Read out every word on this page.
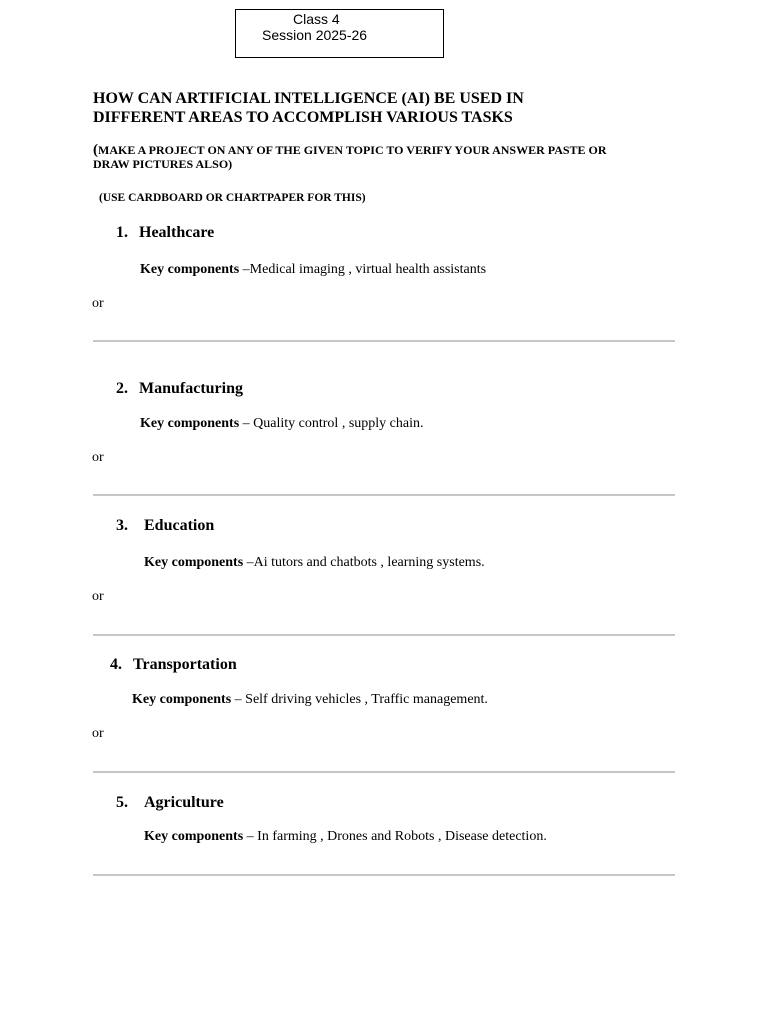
Class 4
Session 2025-26
HOW CAN ARTIFICIAL INTELLIGENCE (AI) BE USED IN
DIFFERENT AREAS TO ACCOMPLISH VARIOUS TASKS
(MAKE A PROJECT ON ANY OF THE GIVEN TOPIC TO VERIFY YOUR ANSWER PASTE OR
DRAW PICTURES ALSO)
(USE CARDBOARD OR CHARTPAPER FOR THIS)
1. Healthcare
Key components –Medical imaging , virtual health assistants
or
2. Manufacturing
Key components – Quality control , supply chain.
or
3. Education
Key components –Ai tutors and chatbots , learning systems.
or
4. Transportation
Key components – Self driving vehicles , Traffic management.
or
5. Agriculture
Key components – In farming , Drones and Robots , Disease detection.
